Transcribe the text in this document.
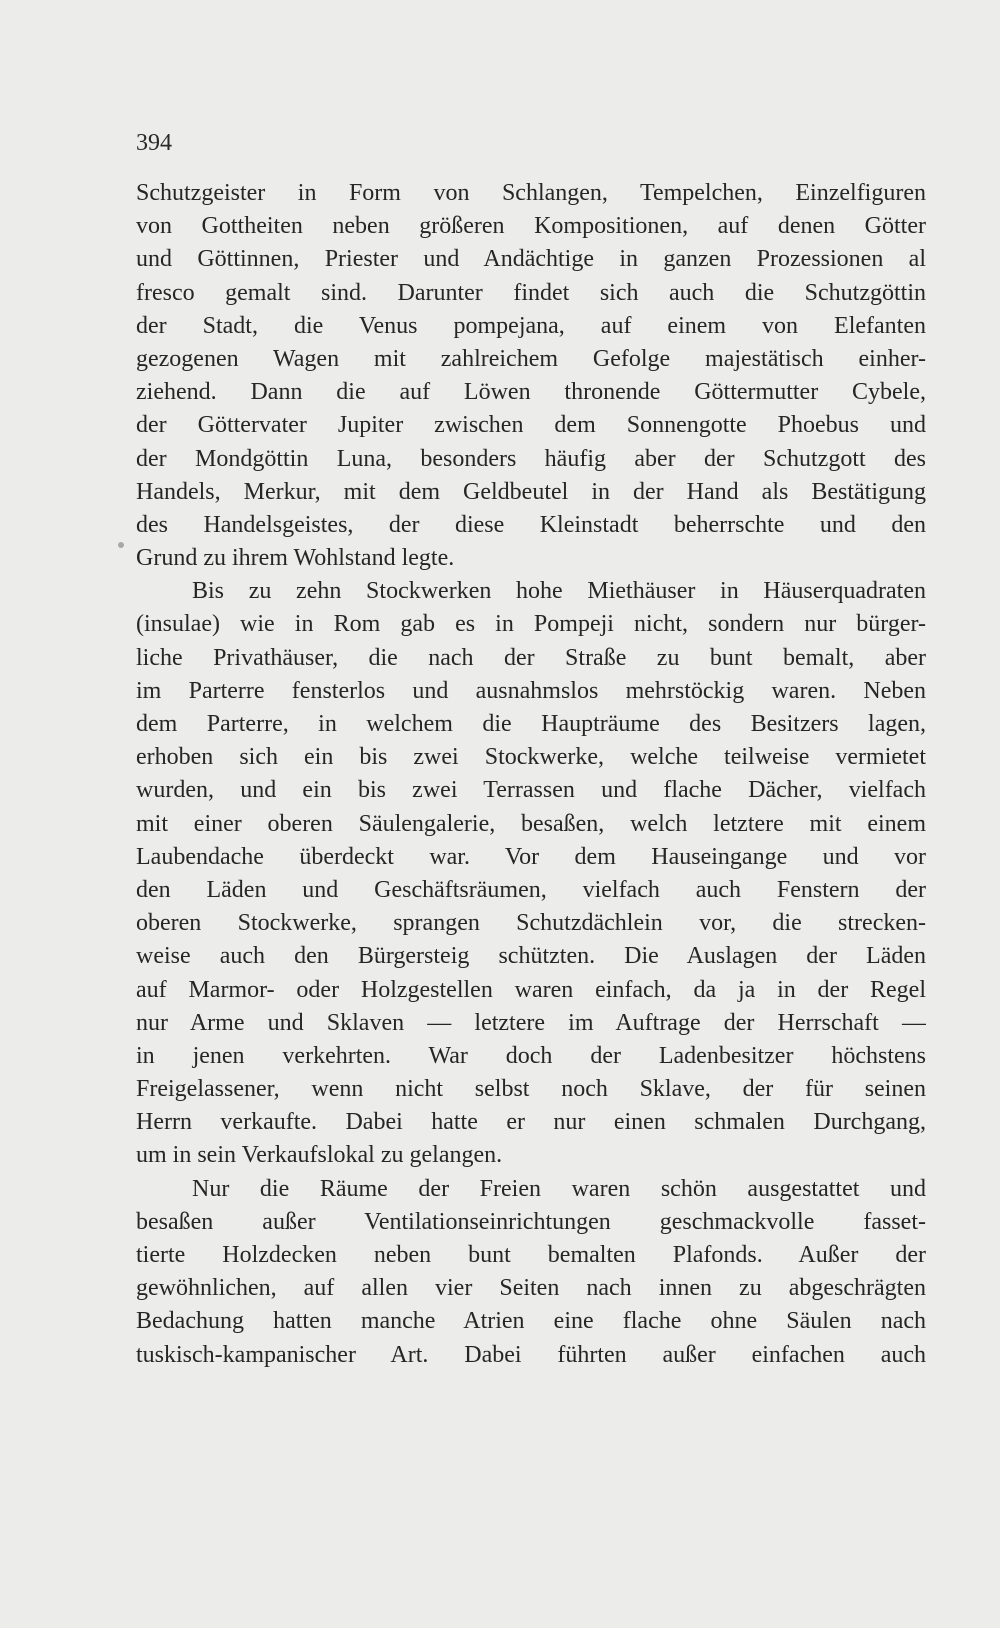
394
Schutzgeister in Form von Schlangen, Tempelchen, Einzelfiguren
von Gottheiten neben größeren Kompositionen, auf denen Götter
und Göttinnen, Priester und Andächtige in ganzen Prozessionen al
fresco gemalt sind. Darunter findet sich auch die Schutzgöttin
der Stadt, die Venus pompejana, auf einem von Elefanten
gezogenen Wagen mit zahlreichem Gefolge majestätisch einher-
ziehend. Dann die auf Löwen thronende Göttermutter Cybele,
der Göttervater Jupiter zwischen dem Sonnengotte Phoebus und
der Mondgöttin Luna, besonders häufig aber der Schutzgott des
Handels, Merkur, mit dem Geldbeutel in der Hand als Bestätigung
des Handelsgeistes, der diese Kleinstadt beherrschte und den
Grund zu ihrem Wohlstand legte.
Bis zu zehn Stockwerken hohe Miethäuser in Häuserquadraten
(insulae) wie in Rom gab es in Pompeji nicht, sondern nur bürger-
liche Privathäuser, die nach der Straße zu bunt bemalt, aber
im Parterre fensterlos und ausnahmslos mehrstöckig waren. Neben
dem Parterre, in welchem die Haupträume des Besitzers lagen,
erhoben sich ein bis zwei Stockwerke, welche teilweise vermietet
wurden, und ein bis zwei Terrassen und flache Dächer, vielfach
mit einer oberen Säulengalerie, besaßen, welch letztere mit einem
Laubendache überdeckt war. Vor dem Hauseingange und vor
den Läden und Geschäftsräumen, vielfach auch Fenstern der
oberen Stockwerke, sprangen Schutzdächlein vor, die strecken-
weise auch den Bürgersteig schützten. Die Auslagen der Läden
auf Marmor- oder Holzgestellen waren einfach, da ja in der Regel
nur Arme und Sklaven — letztere im Auftrage der Herrschaft —
in jenen verkehrten. War doch der Ladenbesitzer höchstens
Freigelassener, wenn nicht selbst noch Sklave, der für seinen
Herrn verkaufte. Dabei hatte er nur einen schmalen Durchgang,
um in sein Verkaufslokal zu gelangen.
Nur die Räume der Freien waren schön ausgestattet und
besaßen außer Ventilationseinrichtungen geschmackvolle fasset-
tierte Holzdecken neben bunt bemalten Plafonds. Außer der
gewöhnlichen, auf allen vier Seiten nach innen zu abgeschrägten
Bedachung hatten manche Atrien eine flache ohne Säulen nach
tuskisch-kampanischer Art. Dabei führten außer einfachen auch
